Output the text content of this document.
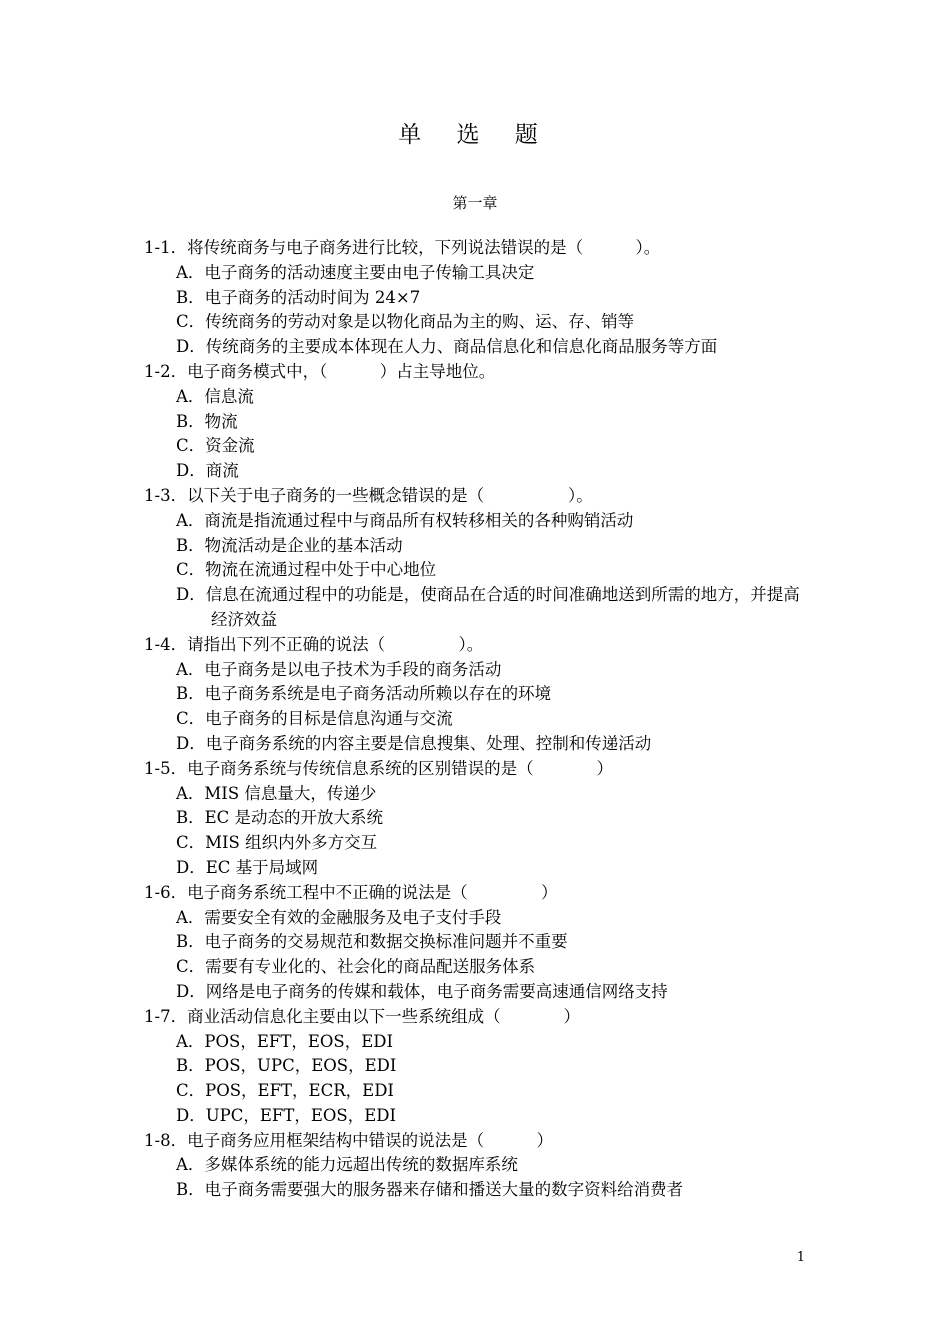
单 选 题
第一章
1-1．将传统商务与电子商务进行比较，下列说法错误的是（          ）。
A．电子商务的活动速度主要由电子传输工具决定
B．电子商务的活动时间为 24×7
C．传统商务的劳动对象是以物化商品为主的购、运、存、销等
D．传统商务的主要成本体现在人力、商品信息化和信息化商品服务等方面
1-2．电子商务模式中，（          ）占主导地位。
A．信息流
B．物流
C．资金流
D．商流
1-3．以下关于电子商务的一些概念错误的是（                ）。
A．商流是指流通过程中与商品所有权转移相关的各种购销活动
B．物流活动是企业的基本活动
C．物流在流通过程中处于中心地位
D．信息在流通过程中的功能是，使商品在合适的时间准确地送到所需的地方，并提高经济效益
1-4．请指出下列不正确的说法（              ）。
A．电子商务是以电子技术为手段的商务活动
B．电子商务系统是电子商务活动所赖以存在的环境
C．电子商务的目标是信息沟通与交流
D．电子商务系统的内容主要是信息搜集、处理、控制和传递活动
1-5．电子商务系统与传统信息系统的区别错误的是（            ）
A．MIS 信息量大，传递少
B．EC 是动态的开放大系统
C．MIS 组织内外多方交互
D．EC 基于局域网
1-6．电子商务系统工程中不正确的说法是（              ）
A．需要安全有效的金融服务及电子支付手段
B．电子商务的交易规范和数据交换标准问题并不重要
C．需要有专业化的、社会化的商品配送服务体系
D．网络是电子商务的传媒和载体，电子商务需要高速通信网络支持
1-7．商业活动信息化主要由以下一些系统组成（            ）
A．POS，EFT，EOS，EDI
B．POS，UPC，EOS，EDI
C．POS，EFT，ECR，EDI
D．UPC，EFT，EOS，EDI
1-8．电子商务应用框架结构中错误的说法是（          ）
A．多媒体系统的能力远超出传统的数据库系统
B．电子商务需要强大的服务器来存储和播送大量的数字资料给消费者
1
